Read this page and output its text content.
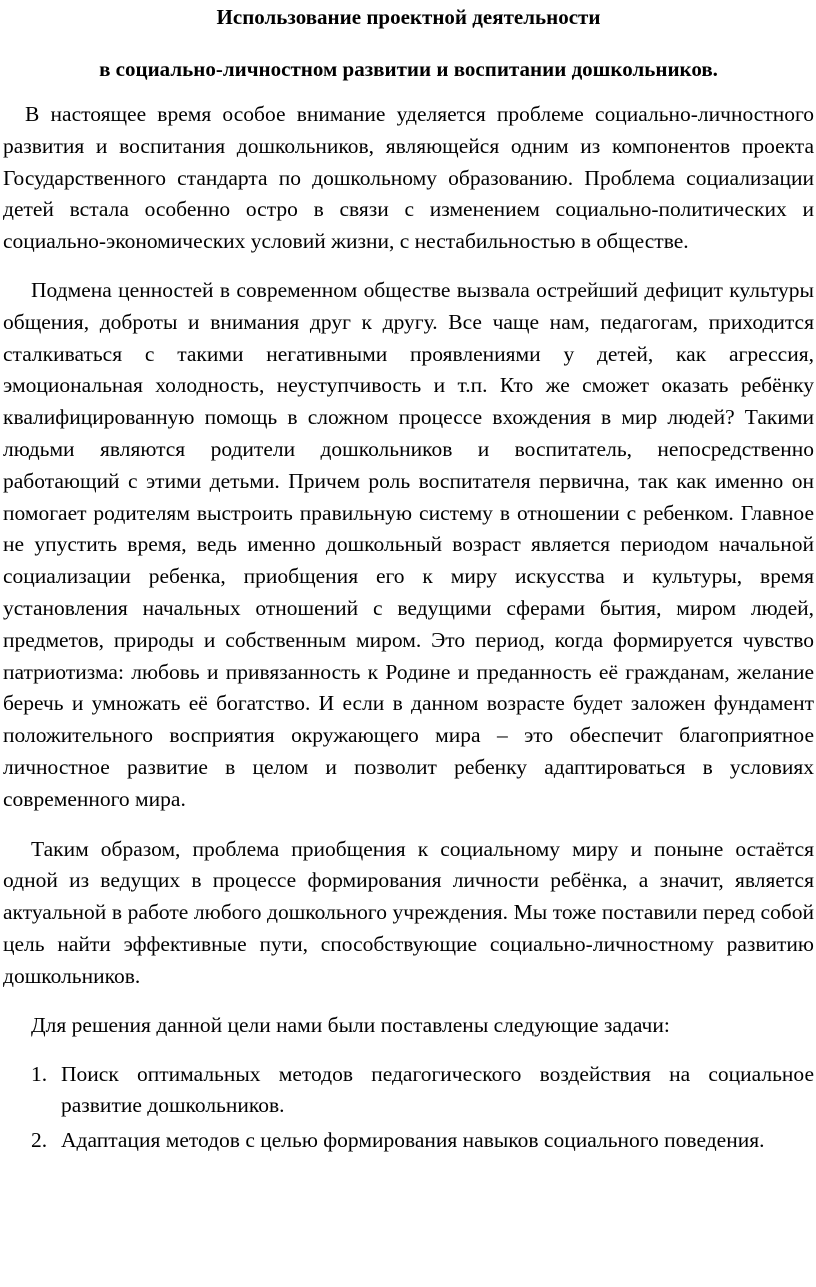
Использование проектной деятельности
в социально-личностном развитии и воспитании дошкольников.

В настоящее время особое внимание уделяется проблеме социально-личностного развития и воспитания дошкольников, являющейся одним из компонентов проекта Государственного стандарта по дошкольному образованию. Проблема социализации детей встала особенно остро в связи с изменением социально-политических и социально-экономических условий жизни, с нестабильностью в обществе.

Подмена ценностей в современном обществе вызвала острейший дефицит культуры общения, доброты и внимания друг к другу. Все чаще нам, педагогам, приходится сталкиваться с такими негативными проявлениями у детей, как агрессия, эмоциональная холодность, неуступчивость и т.п. Кто же сможет оказать ребёнку квалифицированную помощь в сложном процессе вхождения в мир людей? Такими людьми являются родители дошкольников и воспитатель, непосредственно работающий с этими детьми. Причем роль воспитателя первична, так как именно он помогает родителям выстроить правильную систему в отношении с ребенком. Главное не упустить время, ведь именно дошкольный возраст является периодом начальной социализации ребенка, приобщения его к миру искусства и культуры, время установления начальных отношений с ведущими сферами бытия, миром людей, предметов, природы и собственным миром. Это период, когда формируется чувство патриотизма: любовь и привязанность к Родине и преданность её гражданам, желание беречь и умножать её богатство. И если в данном возрасте будет заложен фундамент положительного восприятия окружающего мира – это обеспечит благоприятное личностное развитие в целом и позволит ребенку адаптироваться в условиях современного мира.

Таким образом, проблема приобщения к социальному миру и поныне остаётся одной из ведущих в процессе формирования личности ребёнка, а значит, является актуальной в работе любого дошкольного учреждения. Мы тоже поставили перед собой цель найти эффективные пути, способствующие социально-личностному развитию дошкольников.

Для решения данной цели нами были поставлены следующие задачи:

1. Поиск оптимальных методов педагогического воздействия на социальное развитие дошкольников.
2. Адаптация методов с целью формирования навыков социального поведения.
